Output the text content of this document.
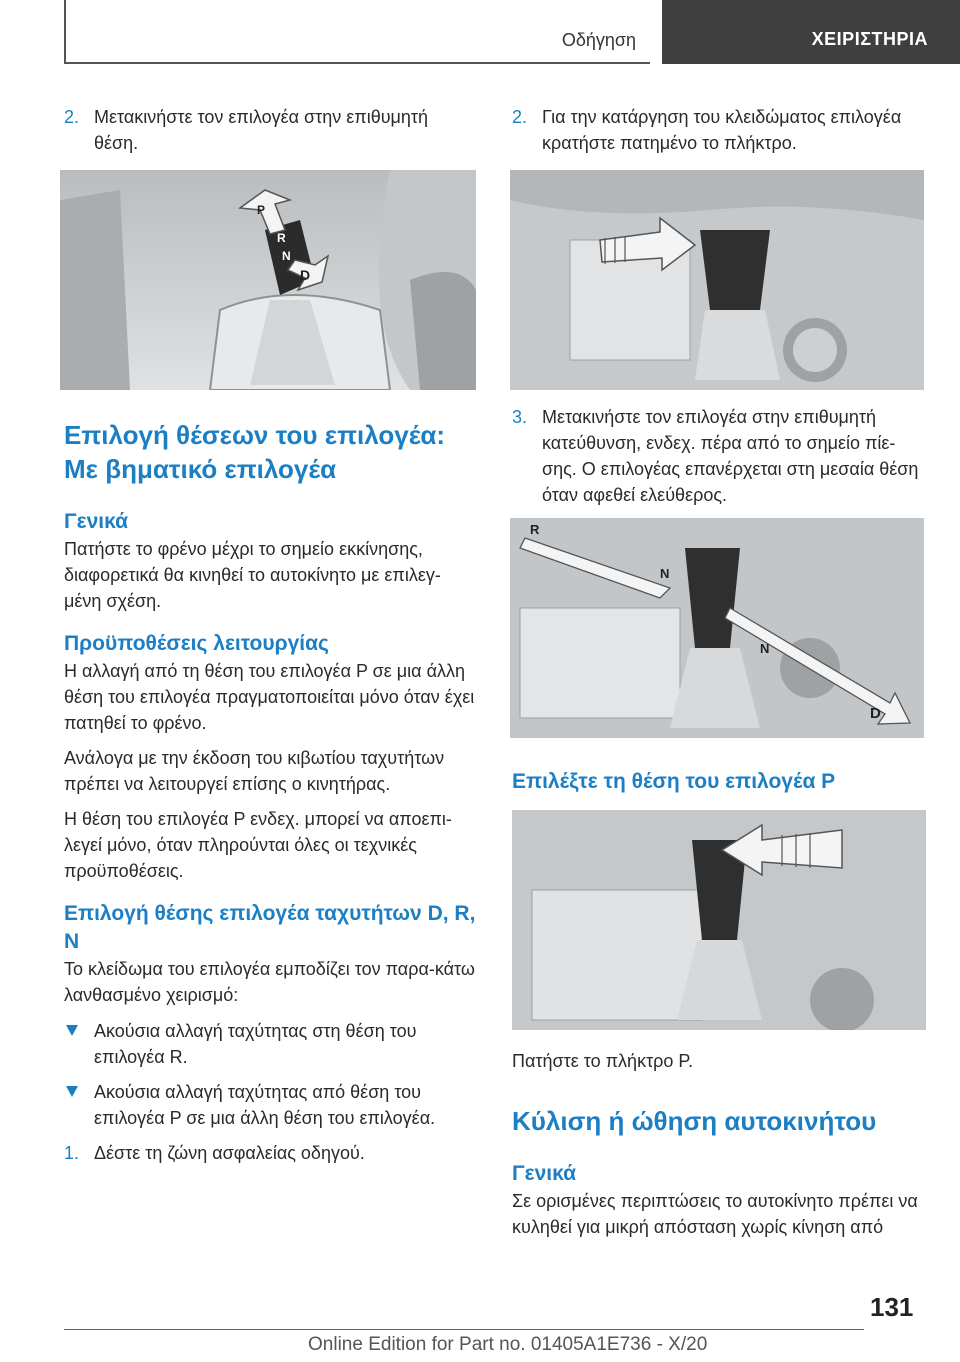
Οδήγηση	ΧΕΙΡΙΣΤΗΡΙΑ
2. Μετακινήστε τον επιλογέα στην επιθυμητή θέση.
P
R
N
D
Επιλογή θέσεων του επιλογέα: Με βηματικό επιλογέα
Γενικά

Πατήστε το φρένο μέχρι το σημείο εκκίνησης, διαφορετικά θα κινηθεί το αυτοκίνητο με επιλεγ-μένη σχέση.

Προϋποθέσεις λειτουργίας

Η αλλαγή από τη θέση του επιλογέα P σε μια άλλη θέση του επιλογέα πραγματοποιείται μόνο όταν έχει πατηθεί το φρένο.

Ανάλογα με την έκδοση του κιβωτίου ταχυτήτων πρέπει να λειτουργεί επίσης ο κινητήρας.

Η θέση του επιλογέα P ενδεχ. μπορεί να αποεπι-λεγεί μόνο, όταν πληρούνται όλες οι τεχνικές προϋποθέσεις.

Επιλογή θέσης επιλογέα ταχυτήτων D, R, N

Το κλείδωμα του επιλογέα εμποδίζει τον παρα-κάτω λανθασμένο χειρισμό:

Ακούσια αλλαγή ταχύτητας στη θέση του επιλογέα R.
Ακούσια αλλαγή ταχύτητας από θέση του επιλογέα P σε μια άλλη θέση του επιλογέα.
1. Δέστε τη ζώνη ασφαλείας οδηγού.
2. Για την κατάργηση του κλειδώματος επιλογέα κρατήστε πατημένο το πλήκτρο.
3. Μετακινήστε τον επιλογέα στην επιθυμητή κατεύθυνση, ενδεχ. πέρα από το σημείο πίε-σης. Ο επιλογέας επανέρχεται στη μεσαία θέση όταν αφεθεί ελεύθερος.
R
N
N
D
Επιλέξτε τη θέση του επιλογέα P

Πατήστε το πλήκτρο P.

Κύλιση ή ώθηση αυτοκινήτου
Γενικά

Σε ορισμένες περιπτώσεις το αυτοκίνητο πρέπει να κυληθεί για μικρή απόσταση χωρίς κίνηση από

131
Online Edition for Part no. 01405A1E736 - X/20
